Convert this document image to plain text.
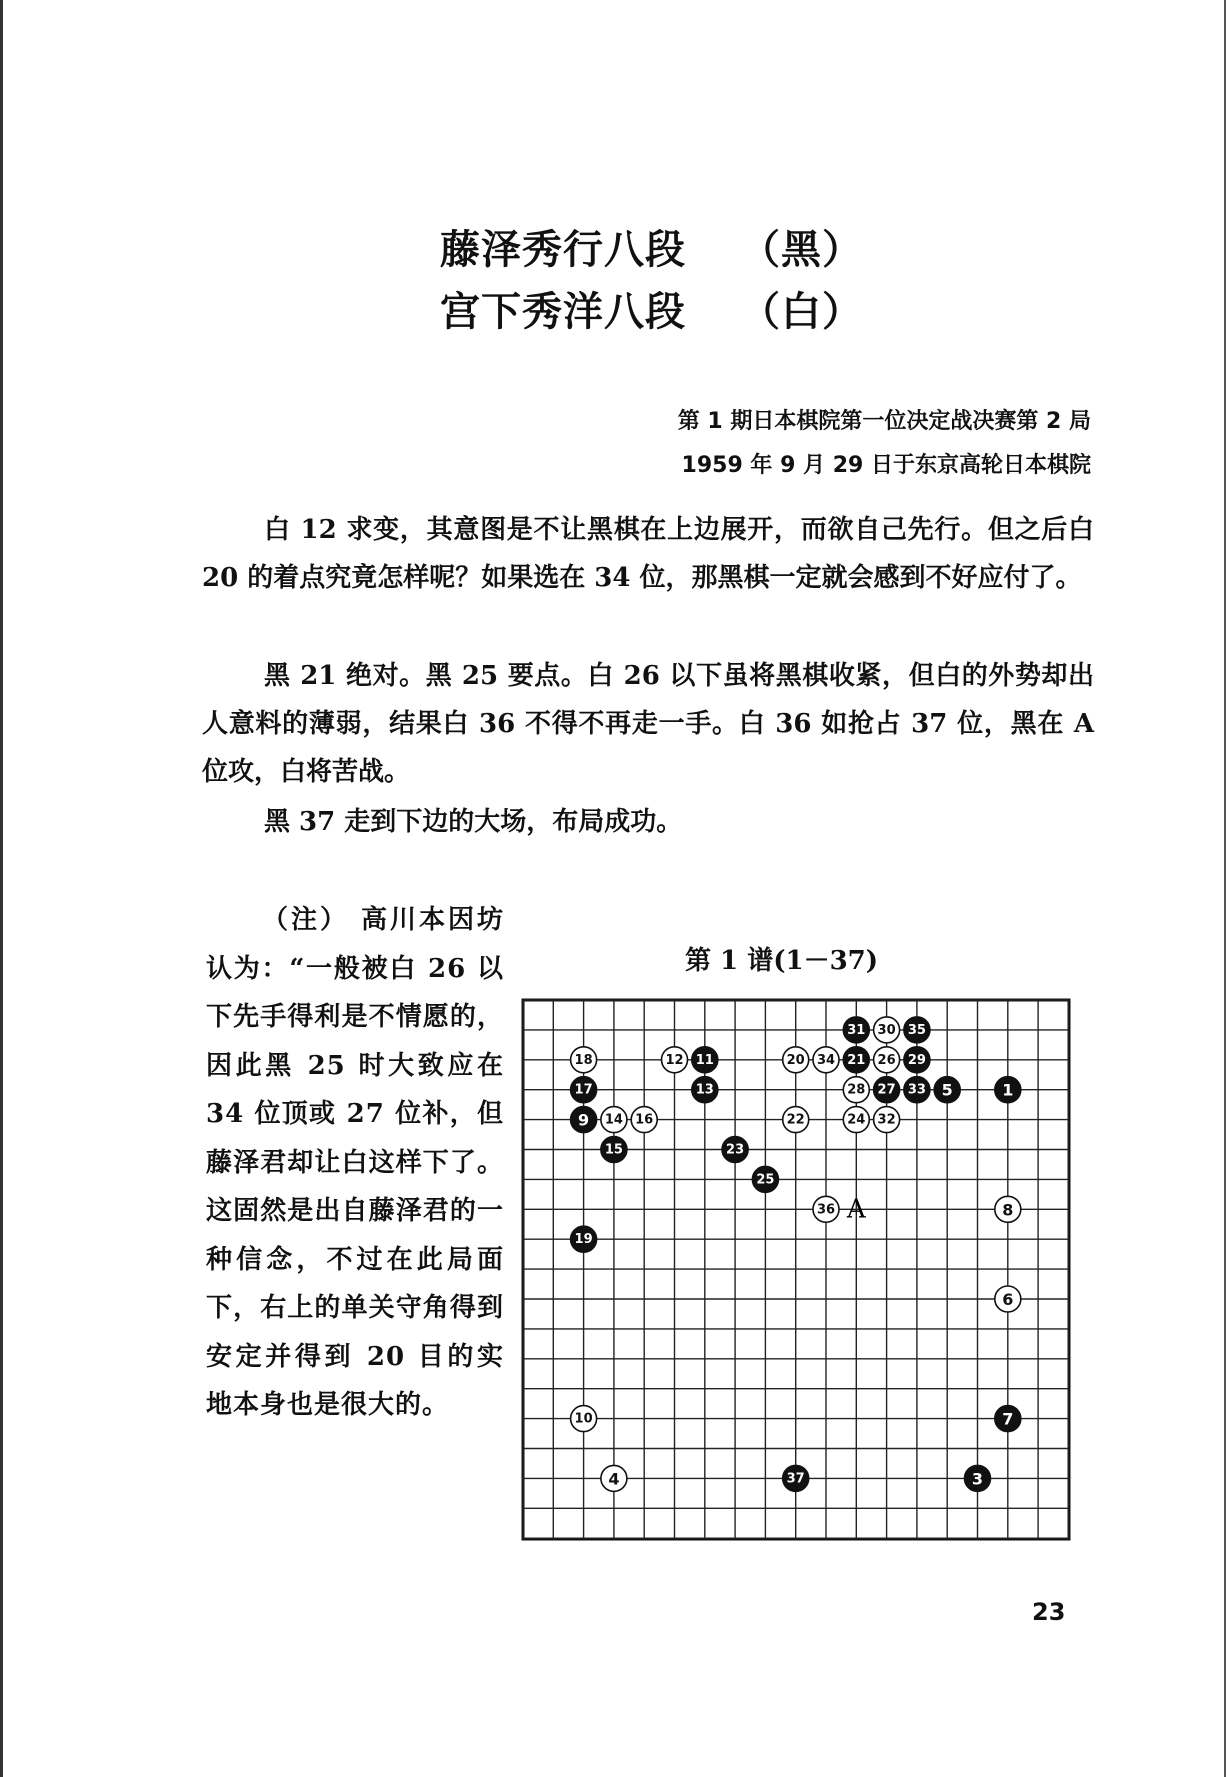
藤泽秀行八段 （黑）
宫下秀洋八段 （白）
第 1 期日本棋院第一位决定战决赛第 2 局
1959 年 9 月 29 日于东京高轮日本棋院
白 12 求变，其意图是不让黑棋在上边展开，而欲自己先行。但之后白 20 的着点究竟怎样呢？如果选在 34 位，那黑棋一定就会感到不好应付了。
黑 21 绝对。黑 25 要点。白 26 以下虽将黑棋收紧，但白的外势却出人意料的薄弱，结果白 36 不得不再走一手。白 36 如抢占 37 位，黑在 A 位攻，白将苦战。
黑 37 走到下边的大场，布局成功。
（注） 高川本因坊认为：“一般被白 26 以下先手得利是不情愿的，因此黑 25 时大致应在 34 位顶或 27 位补，但藤泽君却让白这样下了。这固然是出自藤泽君的一种信念，不过在此局面下，右上的单关守角得到安定并得到 20 目的实地本身也是很大的。
第 1 谱(1－37)
1
3
4
5
6
7
8
9
10
11
12
13
14
15
16
17
18
19
20	21
22
23
24
25
26
27
28
29
30
31
32
33
34
35
36
37
A
23
